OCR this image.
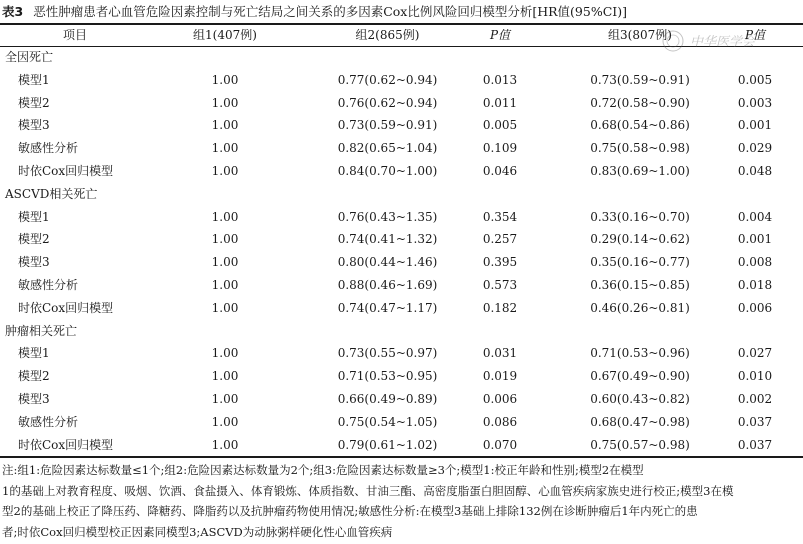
表3 恶性肿瘤患者心血管危险因素控制与死亡结局之间关系的多因素Cox比例风险回归模型分析[HR值(95%CI)]
中华医学会
项目	组1(407例)	组2(865例)	P值	组3(807例)	P值
全因死亡
模型1	1.00	0.77(0.62~0.94)	0.013	0.73(0.59~0.91)	0.005
模型2	1.00	0.76(0.62~0.94)	0.011	0.72(0.58~0.90)	0.003
模型3	1.00	0.73(0.59~0.91)	0.005	0.68(0.54~0.86)	0.001
敏感性分析	1.00	0.82(0.65~1.04)	0.109	0.75(0.58~0.98)	0.029
时依Cox回归模型	1.00	0.84(0.70~1.00)	0.046	0.83(0.69~1.00)	0.048
ASCVD相关死亡
模型1	1.00	0.76(0.43~1.35)	0.354	0.33(0.16~0.70)	0.004
模型2	1.00	0.74(0.41~1.32)	0.257	0.29(0.14~0.62)	0.001
模型3	1.00	0.80(0.44~1.46)	0.395	0.35(0.16~0.77)	0.008
敏感性分析	1.00	0.88(0.46~1.69)	0.573	0.36(0.15~0.85)	0.018
时依Cox回归模型	1.00	0.74(0.47~1.17)	0.182	0.46(0.26~0.81)	0.006
肿瘤相关死亡
模型1	1.00	0.73(0.55~0.97)	0.031	0.71(0.53~0.96)	0.027
模型2	1.00	0.71(0.53~0.95)	0.019	0.67(0.49~0.90)	0.010
模型3	1.00	0.66(0.49~0.89)	0.006	0.60(0.43~0.82)	0.002
敏感性分析	1.00	0.75(0.54~1.05)	0.086	0.68(0.47~0.98)	0.037
时依Cox回归模型	1.00	0.79(0.61~1.02)	0.070	0.75(0.57~0.98)	0.037

注:组1:危险因素达标数量≤1个;组2:危险因素达标数量为2个;组3:危险因素达标数量≥3个;模型1:校正年龄和性别;模型2在模型

1的基础上对教育程度、吸烟、饮酒、食盐摄入、体育锻炼、体质指数、甘油三酯、高密度脂蛋白胆固醇、心血管疾病家族史进行校正;模型3在模

型2的基础上校正了降压药、降糖药、降脂药以及抗肿瘤药物使用情况;敏感性分析:在模型3基础上排除132例在诊断肿瘤后1年内死亡的患

者;时依Cox回归模型校正因素同模型3;ASCVD为动脉粥样硬化性心血管疾病
